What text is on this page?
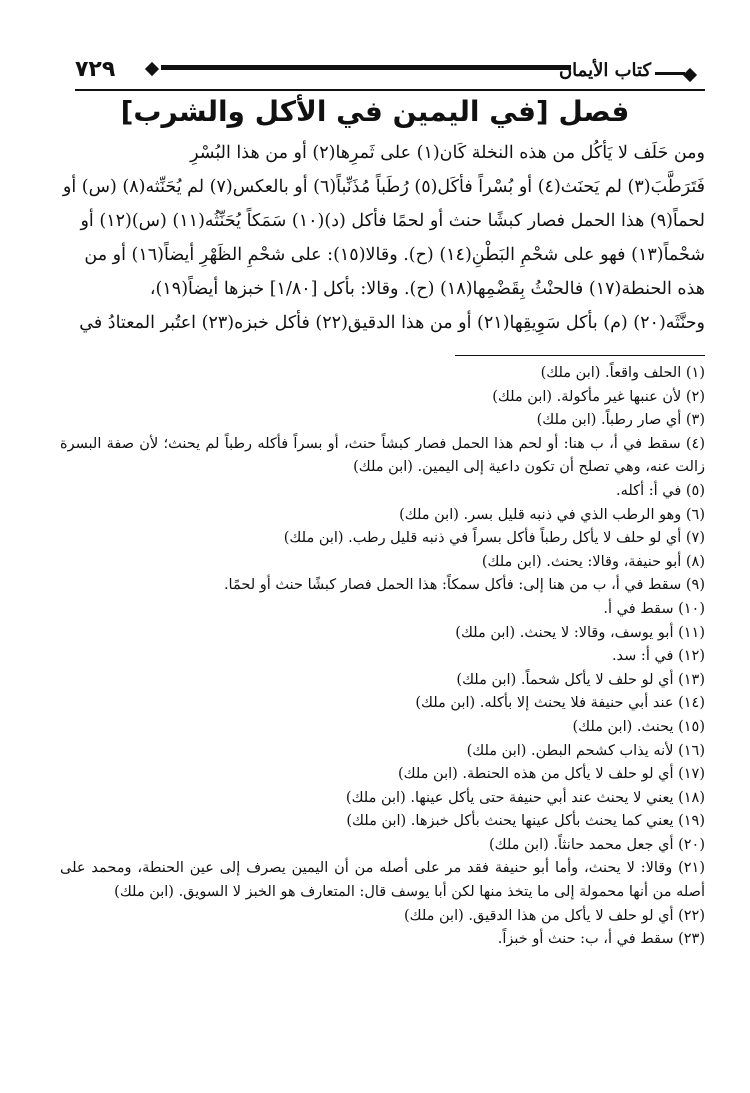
٧٢٩	كتاب الأيمان
فصل [في اليمين في الأكل والشرب]
ومن حَلَف لا يَأكُل من هذه النخلة كَان(١) على ثَمرِها(٢) أو من هذا البُسْرِ
فَتَرَطَّبَ(٣) لم يَحنَث(٤) أو بُسْراً فأكَل(٥) رُطَباً مُذَنِّباً(٦) أو بالعكس(٧) لم يُحَنِّثه(٨) (س) أو
لحماً(٩) هذا الحمل فصار كبشًا حنث أو لحمًا فأكل (د)(١٠) سَمَكاً يُحَنِّثُه(١١) (س)(١٢) أو
شحْماً(١٣) فهو على شحْمِ البَطْنِ(١٤) (ح). وقالا(١٥): على شحْمِ الظَهْرِ أيضاً(١٦) أو من
هذه الحنطة(١٧) فالحنْثُ بِقَضْمِها(١٨) (ح). وقالا: بأكل [١/٨٠] خبزها أيضاً(١٩)،
وحنَّثَه(٢٠) (م) بأكل سَوِيقِها(٢١) أو من هذا الدقيق(٢٢) فأكل خبزه(٢٣) اعتُبر المعتادُ في
(١) الحلف واقعاً. (ابن ملك)
(٢) لأن عنبها غير مأكولة. (ابن ملك)
(٣) أي صار رطباً. (ابن ملك)
(٤) سقط في أ، ب هنا: أو لحم هذا الحمل فصار كبشاً حنث، أو بسراً فأكله رطباً لم يحنث؛ لأن صفة البسرة زالت عنه، وهي تصلح أن تكون داعية إلى اليمين. (ابن ملك)
(٥) في أ: أكله.
(٦) وهو الرطب الذي في ذنبه قليل بسر. (ابن ملك)
(٧) أي لو حلف لا يأكل رطباً فأكل بسراً في ذنبه قليل رطب. (ابن ملك)
(٨) أبو حنيفة، وقالا: يحنث. (ابن ملك)
(٩) سقط في أ، ب من هنا إلى: فأكل سمكاً: هذا الحمل فصار كبشًا حنث أو لحمًا.
(١٠) سقط في أ.
(١١) أبو يوسف، وقالا: لا يحنث. (ابن ملك)
(١٢) في أ: سد.
(١٣) أي لو حلف لا يأكل شحماً. (ابن ملك)
(١٤) عند أبي حنيفة فلا يحنث إلا بأكله. (ابن ملك)
(١٥) يحنث. (ابن ملك)
(١٦) لأنه يذاب كشحم البطن. (ابن ملك)
(١٧) أي لو حلف لا يأكل من هذه الحنطة. (ابن ملك)
(١٨) يعني لا يحنث عند أبي حنيفة حتى يأكل عينها. (ابن ملك)
(١٩) يعني كما يحنث بأكل عينها يحنث بأكل خبزها. (ابن ملك)
(٢٠) أي جعل محمد حانثاً. (ابن ملك)
(٢١) وقالا: لا يحنث، وأما أبو حنيفة فقد مر على أصله من أن اليمين يصرف إلى عين الحنطة، ومحمد على أصله من أنها محمولة إلى ما يتخذ منها لكن أبا يوسف قال: المتعارف هو الخبز لا السويق. (ابن ملك)
(٢٢) أي لو حلف لا يأكل من هذا الدقيق. (ابن ملك)
(٢٣) سقط في أ، ب: حنث أو خبزاً.
